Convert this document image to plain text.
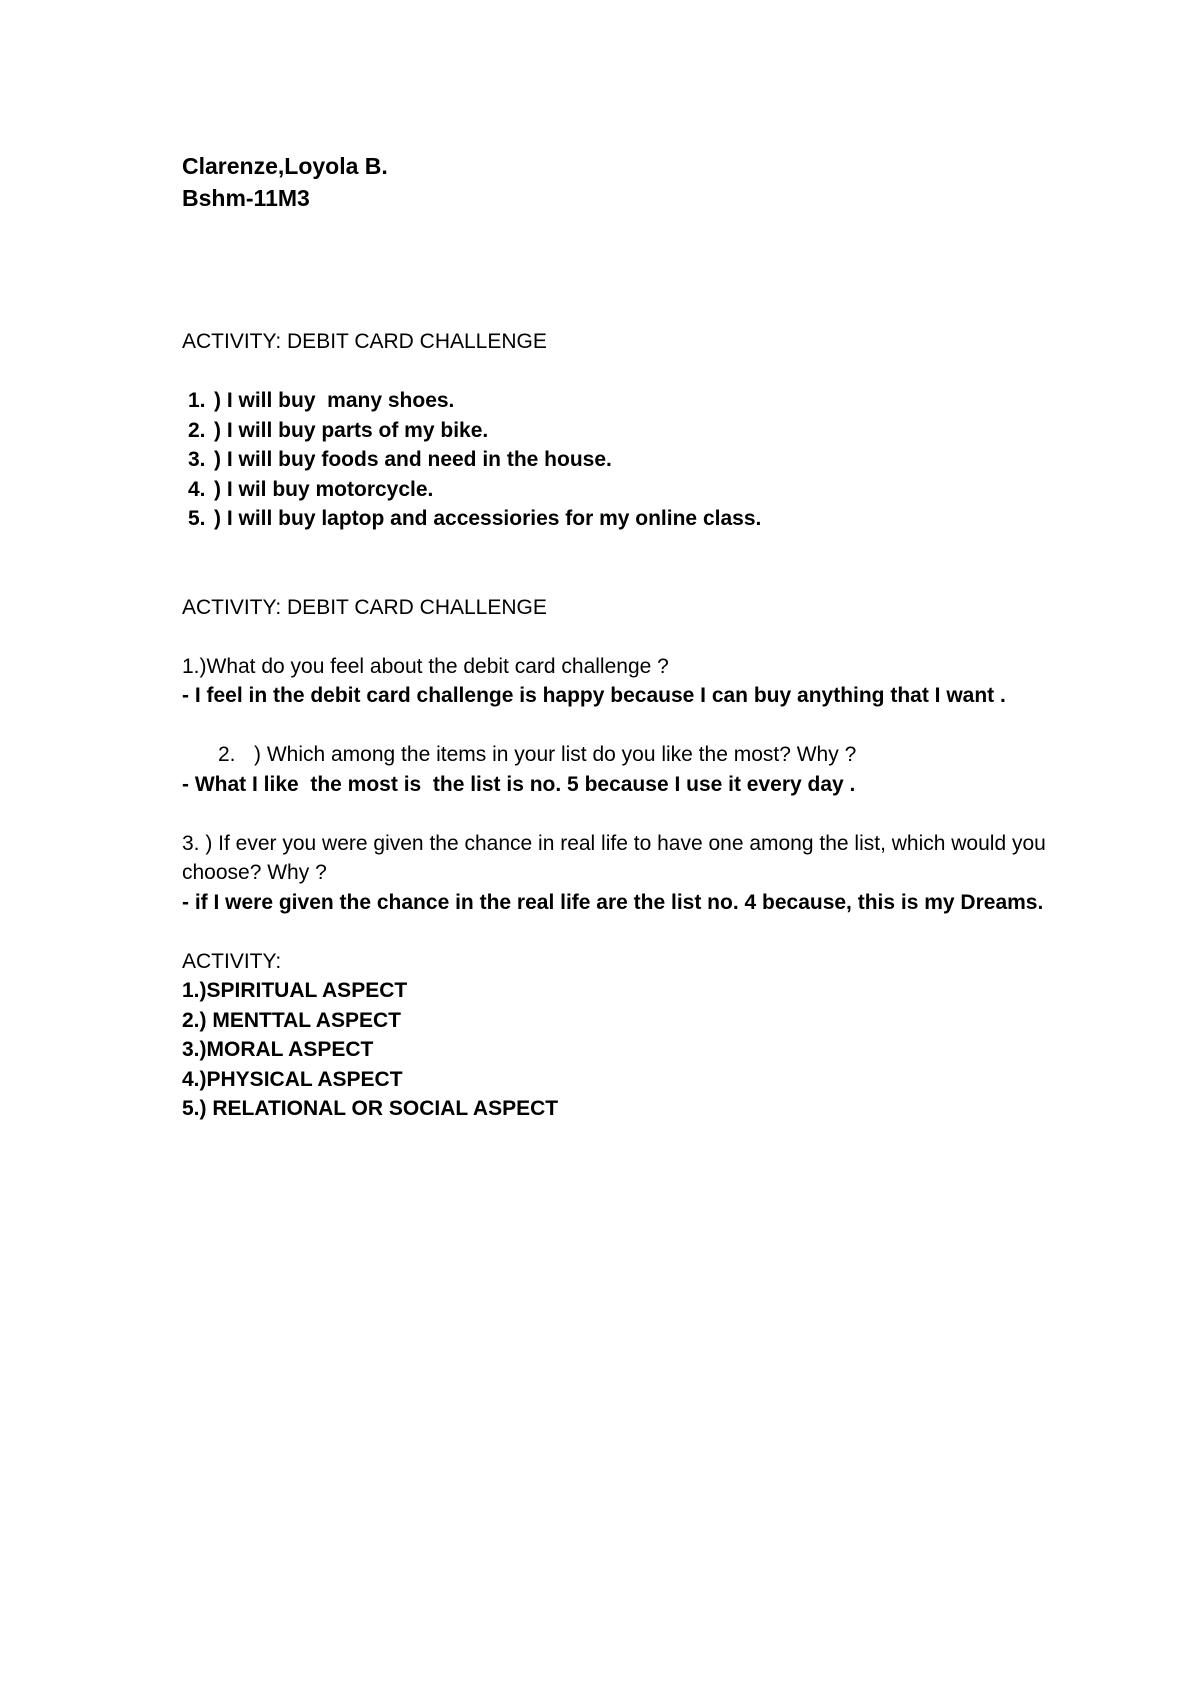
Clarenze,Loyola B.

Bshm-11M3

ACTIVITY: DEBIT CARD CHALLENGE

1. ) I will buy  many shoes.
2. ) I will buy parts of my bike.
3. ) I will buy foods and need in the house.
4. ) I wil buy motorcycle.
5. ) I will buy laptop and accessiories for my online class.

ACTIVITY: DEBIT CARD CHALLENGE

1.)What do you feel about the debit card challenge ?

- I feel in the debit card challenge is happy because I can buy anything that I want .

2. ) Which among the items in your list do you like the most? Why ?

- What I like  the most is  the list is no. 5 because I use it every day .

3. ) If ever you were given the chance in real life to have one among the list, which would you choose? Why ?

- if I were given the chance in the real life are the list no. 4 because, this is my Dreams.

ACTIVITY:

1.)SPIRITUAL ASPECT

2.) MENTTAL ASPECT

3.)MORAL ASPECT

4.)PHYSICAL ASPECT

5.) RELATIONAL OR SOCIAL ASPECT
